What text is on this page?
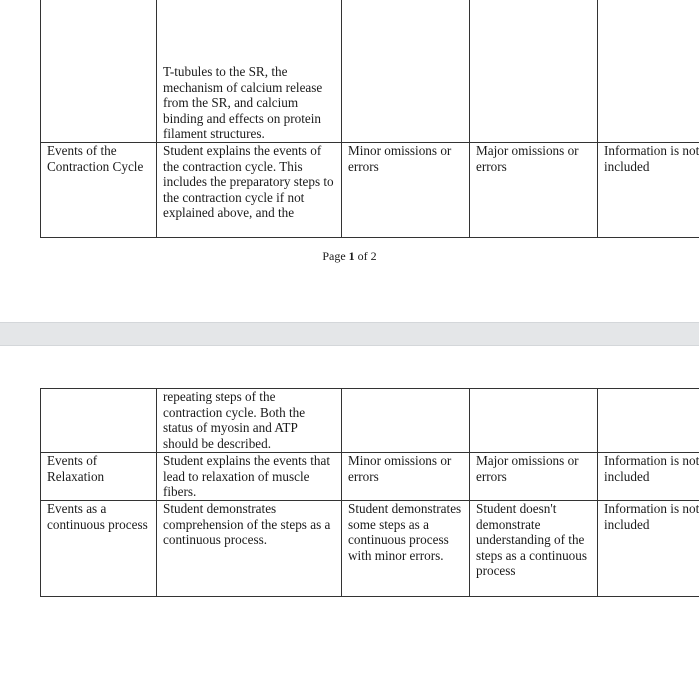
	T-tubules to the SR, the mechanism of calcium release from the SR, and calcium binding and effects on protein filament structures.			
Events of the Contraction Cycle	Student explains the events of the contraction cycle. This includes the preparatory steps to the contraction cycle if not explained above, and the	Minor omissions or errors	Major omissions or errors	Information is not included
Page 1 of 2
	repeating steps of the contraction cycle. Both the status of myosin and ATP should be described.			
Events of Relaxation	Student explains the events that lead to relaxation of muscle fibers.	Minor omissions or errors	Major omissions or errors	Information is not included
Events as a continuous process	Student demonstrates comprehension of the steps as a continuous process.	Student demonstrates some steps as a continuous process with minor errors.	Student doesn't demonstrate understanding of the steps as a continuous process	Information is not included
